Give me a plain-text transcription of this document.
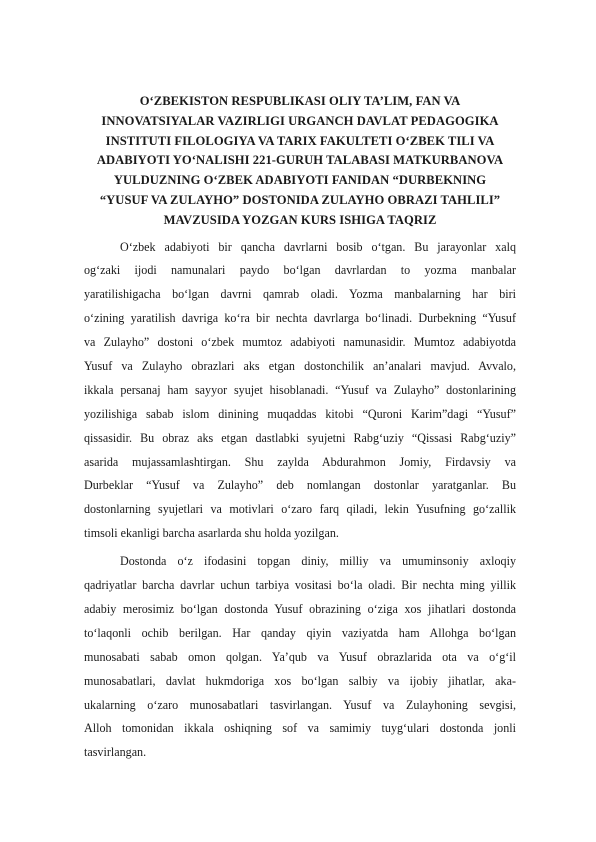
O‘ZBEKISTON RESPUBLIKASI OLIY TA’LIM, FAN VA
INNOVATSIYALAR VAZIRLIGI URGANCH DAVLAT PEDAGOGIKA
INSTITUTI FILOLOGIYA VA TARIX FAKULTETI O‘ZBEK TILI VA
ADABIYOTI YO‘NALISHI 221-GURUH TALABASI MATKURBANOVA
YULDUZNING O‘ZBEK ADABIYOTI FANIDAN “DURBEKNING
“YUSUF VA ZULAYHO” DOSTONIDA ZULAYHO OBRAZI TAHLILI”
MAVZUSIDA YOZGAN KURS ISHIGA TAQRIZ

O‘zbek adabiyoti bir qancha davrlarni bosib o‘tgan. Bu jarayonlar xalq
og‘zaki ijodi namunalari paydo bo‘lgan davrlardan to yozma manbalar
yaratilishigacha bo‘lgan davrni qamrab oladi. Yozma manbalarning har biri
o‘zining yaratilish davriga ko‘ra bir nechta davrlarga bo‘linadi. Durbekning “Yusuf
va Zulayho” dostoni o‘zbek mumtoz adabiyoti namunasidir. Mumtoz adabiyotda
Yusuf va Zulayho obrazlari aks etgan dostonchilik an’analari mavjud. Avvalo,
ikkala persanaj ham sayyor syujet hisoblanadi. “Yusuf va Zulayho” dostonlarining
yozilishiga sabab islom dinining muqaddas kitobi “Quroni Karim”dagi “Yusuf”
qissasidir. Bu obraz aks etgan dastlabki syujetni Rabg‘uziy “Qissasi Rabg‘uziy”
asarida mujassamlashtirgan. Shu zaylda Abdurahmon Jomiy, Firdavsiy va
Durbeklar “Yusuf va Zulayho” deb nomlangan dostonlar yaratganlar. Bu
dostonlarning syujetlari va motivlari o‘zaro farq qiladi, lekin Yusufning go‘zallik
timsoli ekanligi barcha asarlarda shu holda yozilgan.

Dostonda o‘z ifodasini topgan diniy, milliy va umuminsoniy axloqiy
qadriyatlar barcha davrlar uchun tarbiya vositasi bo‘la oladi. Bir nechta ming yillik
adabiy merosimiz bo‘lgan dostonda Yusuf obrazining o‘ziga xos jihatlari dostonda
to‘laqonli ochib berilgan. Har qanday qiyin vaziyatda ham Allohga bo‘lgan
munosabati sabab omon qolgan. Ya’qub va Yusuf obrazlarida ota va o‘g‘il
munosabatlari, davlat hukmdoriga xos bo‘lgan salbiy va ijobiy jihatlar, aka-
ukalarning o‘zaro munosabatlari tasvirlangan. Yusuf va Zulayhoning sevgisi,
Alloh tomonidan ikkala oshiqning sof va samimiy tuyg‘ulari dostonda jonli
tasvirlangan.
